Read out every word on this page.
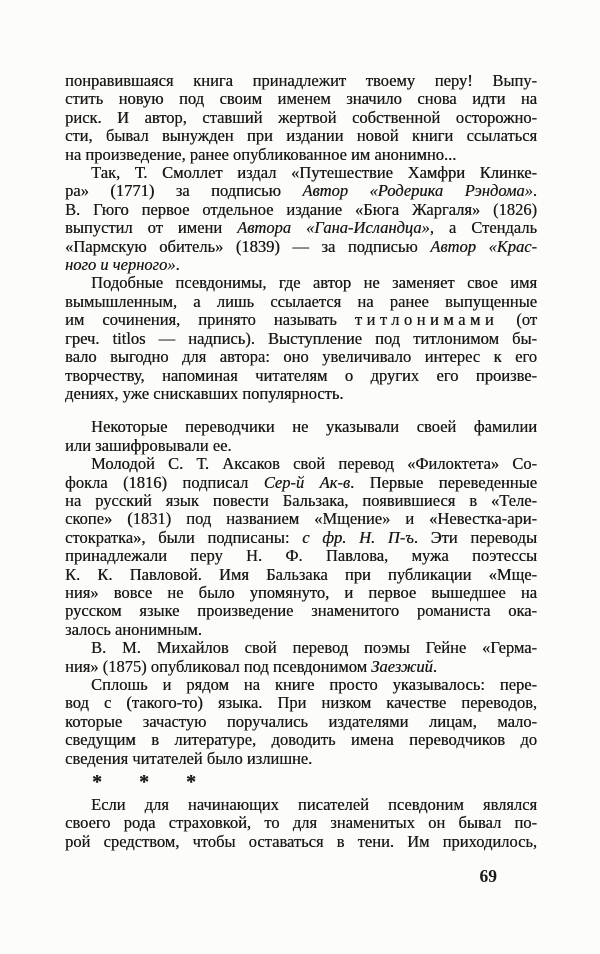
понравившаяся книга принадлежит твоему перу! Выпу-
стить новую под своим именем значило снова идти на
риск. И автор, ставший жертвой собственной осторожно-
сти, бывал вынужден при издании новой книги ссылаться
на произведение, ранее опубликованное им анонимно...
Так, Т. Смоллет издал «Путешествие Хамфри Клинке-
ра» (1771) за подписью Автор «Родерика Рэндома».
В. Гюго первое отдельное издание «Бюга Жаргаля» (1826)
выпустил от имени Автора «Гана-Исландца», а Стендаль
«Пармскую обитель» (1839) — за подписью Автор «Крас-
ного и черного».
Подобные псевдонимы, где автор не заменяет свое имя
вымышленным, а лишь ссылается на ранее выпущенные
им сочинения, принято называть титлонимами (от
греч. titlos — надпись). Выступление под титлонимом бы-
вало выгодно для автора: оно увеличивало интерес к его
творчеству, напоминая читателям о других его произве-
дениях, уже снискавших популярность.
Некоторые переводчики не указывали своей фамилии
или зашифровывали ее.
Молодой С. Т. Аксаков свой перевод «Филоктета» Со-
фокла (1816) подписал Сер-й Ак-в. Первые переведенные
на русский язык повести Бальзака, появившиеся в «Теле-
скопе» (1831) под названием «Мщение» и «Невестка-ари-
стократка», были подписаны: с фр. Н. П-ъ. Эти переводы
принадлежали перу Н. Ф. Павлова, мужа поэтессы
К. К. Павловой. Имя Бальзака при публикации «Мще-
ния» вовсе не было упомянуто, и первое вышедшее на
русском языке произведение знаменитого романиста ока-
залось анонимным.
В. М. Михайлов свой перевод поэмы Гейне «Герма-
ния» (1875) опубликовал под псевдонимом Заезжий.
Сплошь и рядом на книге просто указывалось: пере-
вод с (такого-то) языка. При низком качестве переводов,
которые зачастую поручались издателями лицам, мало-
сведущим в литературе, доводить имена переводчиков до
сведения читателей было излишне.
* * *
Если для начинающих писателей псевдоним являлся
своего рода страховкой, то для знаменитых он бывал по-
рой средством, чтобы оставаться в тени. Им приходилось,
69
